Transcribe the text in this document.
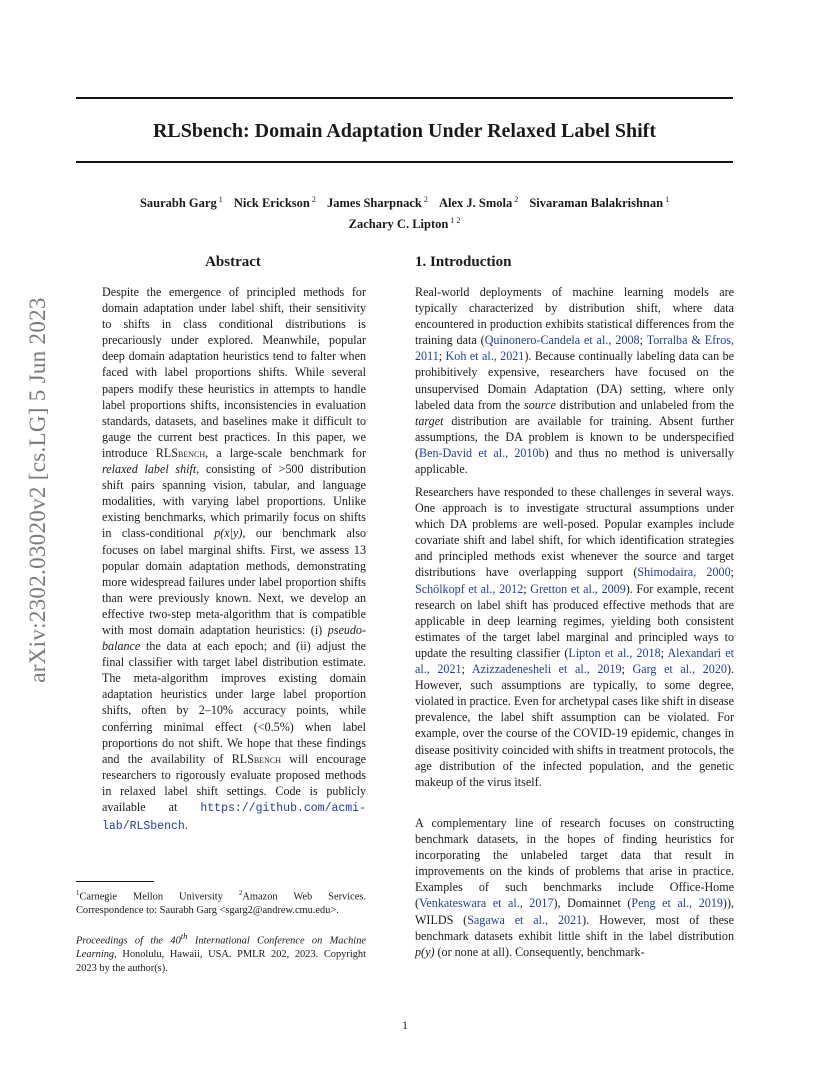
RLSbench: Domain Adaptation Under Relaxed Label Shift
Saurabh Garg $^1$ Nick Erickson $^2$ James Sharpnack $^2$ Alex J. Smola $^2$ Sivaraman Balakrishnan $^1$
Zachary C. Lipton $^{1 2}$
arXiv:2302.03020v2 [cs.LG] 5 Jun 2023
Abstract

Despite the emergence of principled methods for domain adaptation under label shift, their sensitivity to shifts in class conditional distributions is precariously under explored. Meanwhile, popular deep domain adaptation heuristics tend to falter when faced with label proportions shifts. While several papers modify these heuristics in attempts to handle label proportions shifts, inconsistencies in evaluation standards, datasets, and baselines make it difficult to gauge the current best practices. In this paper, we introduce RLSbench, a large-scale benchmark for relaxed label shift, consisting of >500 distribution shift pairs spanning vision, tabular, and language modalities, with varying label proportions. Unlike existing benchmarks, which primarily focus on shifts in class-conditional p(x|y), our benchmark also focuses on label marginal shifts. First, we assess 13 popular domain adaptation methods, demonstrating more widespread failures under label proportion shifts than were previously known. Next, we develop an effective two-step meta-algorithm that is compatible with most domain adaptation heuristics: (i) pseudo-balance the data at each epoch; and (ii) adjust the final classifier with target label distribution estimate. The meta-algorithm improves existing domain adaptation heuristics under large label proportion shifts, often by 2–10% accuracy points, while conferring minimal effect (<0.5%) when label proportions do not shift. We hope that these findings and the availability of RLSbench will encourage researchers to rigorously evaluate proposed methods in relaxed label shift settings. Code is publicly available at https://github.com/acmi-lab/RLSbench.

$^1$Carnegie Mellon University $^2$Amazon Web Services. Correspondence to: Saurabh Garg <sgarg2@andrew.cmu.edu>.

Proceedings of the 40th International Conference on Machine Learning, Honolulu, Hawaii, USA. PMLR 202, 2023. Copyright 2023 by the author(s).

1. Introduction

Real-world deployments of machine learning models are typically characterized by distribution shift, where data encountered in production exhibits statistical differences from the training data (Quinonero-Candela et al., 2008; Torralba & Efros, 2011; Koh et al., 2021). Because continually labeling data can be prohibitively expensive, researchers have focused on the unsupervised Domain Adaptation (DA) setting, where only labeled data from the source distribution and unlabeled from the target distribution are available for training. Absent further assumptions, the DA problem is known to be underspecified (Ben-David et al., 2010b) and thus no method is universally applicable.

Researchers have responded to these challenges in several ways. One approach is to investigate structural assumptions under which DA problems are well-posed. Popular examples include covariate shift and label shift, for which identification strategies and principled methods exist whenever the source and target distributions have overlapping support (Shimodaira, 2000; Schölkopf et al., 2012; Gretton et al., 2009). For example, recent research on label shift has produced effective methods that are applicable in deep learning regimes, yielding both consistent estimates of the target label marginal and principled ways to update the resulting classifier (Lipton et al., 2018; Alexandari et al., 2021; Azizzadenesheli et al., 2019; Garg et al., 2020). However, such assumptions are typically, to some degree, violated in practice. Even for archetypal cases like shift in disease prevalence, the label shift assumption can be violated. For example, over the course of the COVID-19 epidemic, changes in disease positivity coincided with shifts in treatment protocols, the age distribution of the infected population, and the genetic makeup of the virus itself.

A complementary line of research focuses on constructing benchmark datasets, in the hopes of finding heuristics for incorporating the unlabeled target data that result in improvements on the kinds of problems that arise in practice. Examples of such benchmarks include Office-Home (Venkateswara et al., 2017), Domainnet (Peng et al., 2019)), WILDS (Sagawa et al., 2021). However, most of these benchmark datasets exhibit little shift in the label distribution p(y) (or none at all). Consequently, benchmark-

1
